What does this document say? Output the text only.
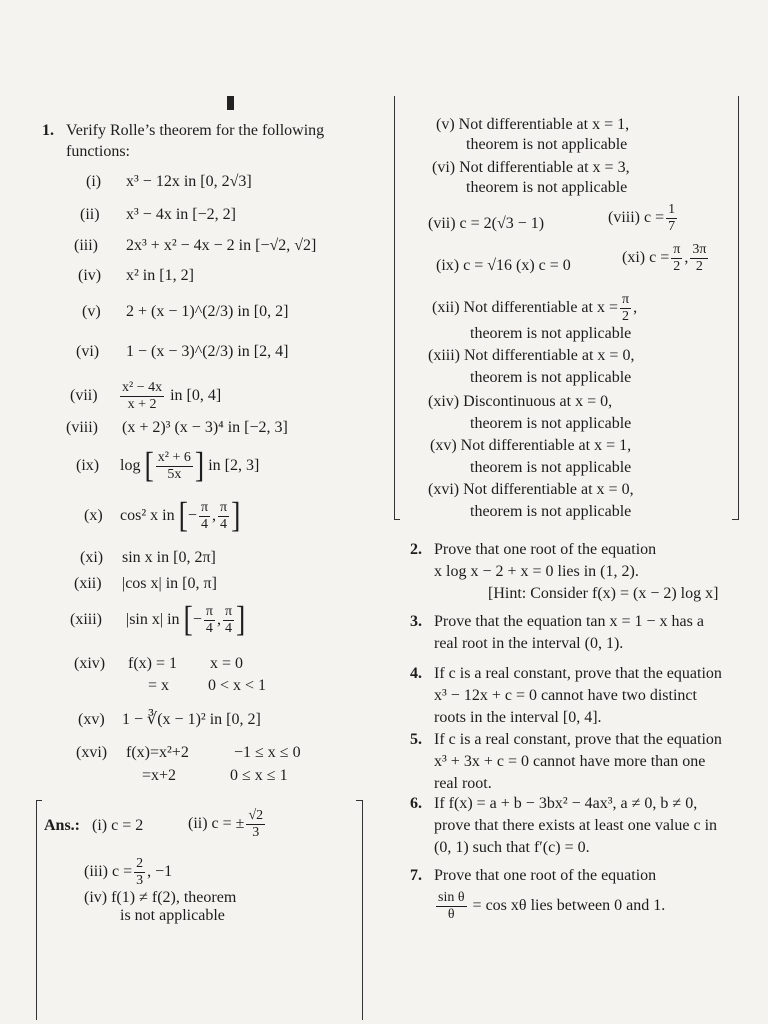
1. Verify Rolle’s theorem for the following
functions:
(i) x³ − 12x in [0, 2√3]
(ii) x³ − 4x in [−2, 2]
(iii) 2x³ + x² − 4x − 2 in [−√2, √2]
(iv) x² in [1, 2]
(v) 2 + (x − 1)^(2/3) in [0, 2]
(vi) 1 − (x − 3)^(2/3) in [2, 4]
$(vii) \frac{\text{x² − 4x}}{x + 2}$ in [0, 4]
(viii) (x + 2)³ (x − 3)⁴ in [−2, 3]
(ix) log [ $\frac{\text{x² + 6}}{5x}$ ] in [2, 3]
(x) cos² x in [− $\frac{\pi}{4}$ , $\frac{\pi}{4}$ ]
(xi) sin x in [0, 2π]
(xii) |cos x| in [0, π]
(xiii) |sin x| in [− $\frac{\pi}{4}$ , $\frac{\pi}{4}$ ]
(xiv) f(x) = 1 x = 0
= x 0 < x < 1
(xv) 1 − ∛(x − 1)² in [0, 2]
(xvi) f(x)=x²+2	−1 ≤ x ≤ 0
=x+2	0 ≤ x ≤ 1
Ans.: (i) c = 2	(ii) c = ± $\frac{√2}{3}$
(iii) $c = \frac{2}{3}$ , −1
(iv) f(1) ≠ f(2), theorem
is not applicable
(v) Not differentiable at x = 1,
theorem is not applicable
(vi) Not differentiable at x = 3,
theorem is not applicable
(vii) c = 2(√3 − 1)	(viii) $c = \frac{1}{7}$
(ix) c = √16 (x) c = 0	(xi) $c = \frac{\pi}{2}$ , $\frac{3\pi}{2}$
(xii) Not differentiable at $x = \frac{\pi}{2}$ ,
theorem is not applicable
(xiii) Not differentiable at x = 0,
theorem is not applicable
(xiv) Discontinuous at x = 0,
theorem is not applicable
(xv) Not differentiable at x = 1,
theorem is not applicable
(xvi) Not differentiable at x = 0,
theorem is not applicable
2. Prove that one root of the equation
x log x − 2 + x = 0 lies in (1, 2).
[Hint: Consider f(x) = (x − 2) log x]
3. Prove that the equation tan x = 1 − x has a
real root in the interval (0, 1).
4. If c is a real constant, prove that the equation
x³ − 12x + c = 0 cannot have two distinct
roots in the interval [0, 4].
5. If c is a real constant, prove that the equation
x³ + 3x + c = 0 cannot have more than one
real root.
6. If f(x) = a + b − 3bx² − 4ax³, a ≠ 0, b ≠ 0,
prove that there exists at least one value c in
(0, 1) such that f′(c) = 0.
7. Prove that one root of the equation
$\frac{\text{sin θ}}{\theta} = \cos x\theta$ lies between 0 and 1.
